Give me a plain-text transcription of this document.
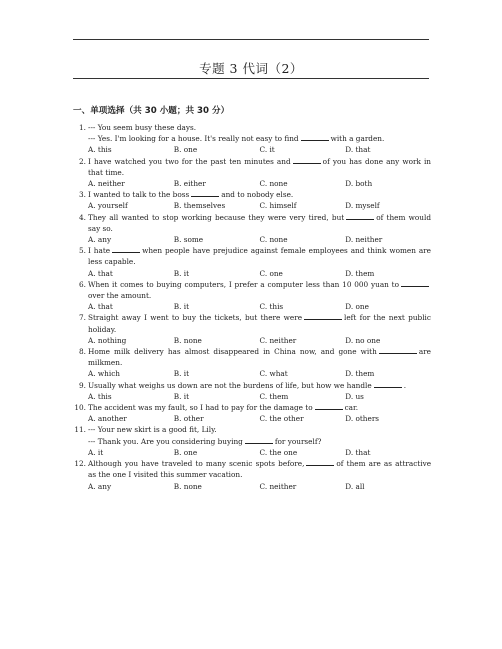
专题 3 代词（2）
一、单项选择（共 30 小题；共 30 分）
1. --- You seem busy these days.
--- Yes. I'm looking for a house. It's really not easy to find	with a garden.
A. this	B. one	C. it	D. that
2. I have watched you two for the past ten minutes and	of you has done any work in that time.
A. neither	B. either	C. none	D. both
3. I wanted to talk to the boss	and to nobody else.
A. yourself	B. themselves	C. himself	D. myself
4. They all wanted to stop working because they were very tired, but	of them would say so.
A. any	B. some	C. none	D. neither
5. I hate	when people have prejudice against female employees and think women are less capable.
A. that	B. it	C. one	D. them
6. When it comes to buying computers, I prefer a computer less than 10 000 yuan toover the amount.
A. that	B. it	C. this	D. one
7. Straight away I went to buy the tickets, but there were	left for the next public holiday.
A. nothing	B. none	C. neither	D. no one
8. Home milk delivery has almost disappeared in China now, and gone with	are milkmen.
A. which	B. it	C. what	D. them
9. Usually what weighs us down are not the burdens of life, but how we handle	.
A. this	B. it	C. them	D. us
10. The accident was my fault, so I had to pay for the damage to	car.
A. another	B. other	C. the other	D. others
11. --- Your new skirt is a good fit, Lily.
--- Thank you. Are you considering buying	for yourself?
A. it	B. one	C. the one	D. that
12. Although you have traveled to many scenic spots before,	of them are as attractive as the one I visited this summer vacation.
A. any	B. none	C. neither	D. all
